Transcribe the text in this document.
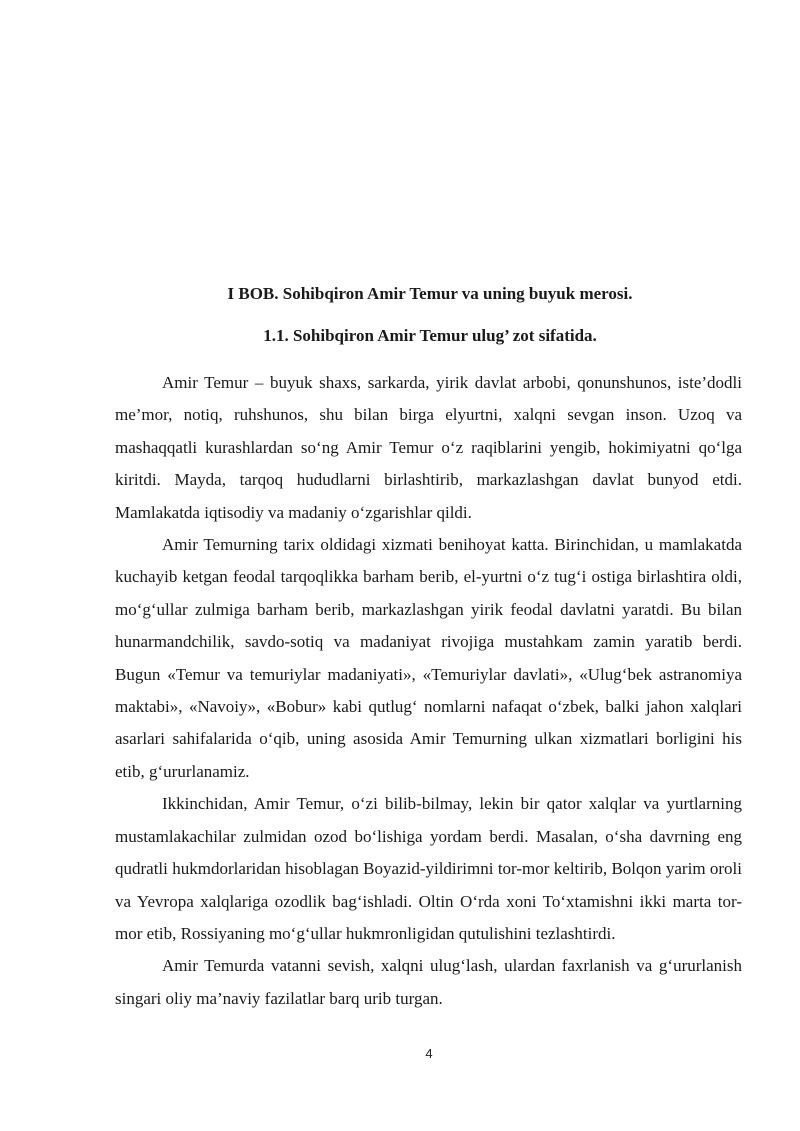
I BOB. Sohibqiron Amir Temur va uning buyuk merosi.
1.1. Sohibqiron Amir Temur ulug’ zot sifatida.

Amir Temur – buyuk shaxs, sarkarda, yirik davlat arbobi, qonunshunos, iste’dodli me’mor, notiq, ruhshunos, shu bilan birga elyurtni, xalqni sevgan inson. Uzoq va mashaqqatli kurashlardan so‘ng Amir Temur o‘z raqiblarini yengib, hokimiyatni qo‘lga kiritdi. Mayda, tarqoq hududlarni birlashtirib, markazlashgan davlat bunyod etdi. Mamlakatda iqtisodiy va madaniy o‘zgarishlar qildi.

Amir Temurning tarix oldidagi xizmati benihoyat katta. Birinchidan, u mamlakatda kuchayib ketgan feodal tarqoqlikka barham berib, el-yurtni o‘z tug‘i ostiga birlashtira oldi, mo‘g‘ullar zulmiga barham berib, markazlashgan yirik feodal davlatni yaratdi. Bu bilan hunarmandchilik, savdo-sotiq va madaniyat rivojiga mustahkam zamin yaratib berdi. Bugun «Temur va temuriylar madaniyati», «Temuriylar davlati», «Ulug‘bek astranomiya maktabi», «Navoiy», «Bobur» kabi qutlug‘ nomlarni nafaqat o‘zbek, balki jahon xalqlari asarlari sahifalarida o‘qib, uning asosida Amir Temurning ulkan xizmatlari borligini his etib, g‘ururlanamiz.

Ikkinchidan, Amir Temur, o‘zi bilib-bilmay, lekin bir qator xalqlar va yurtlarning mustamlakachilar zulmidan ozod bo‘lishiga yordam berdi. Masalan, o‘sha davrning eng qudratli hukmdorlaridan hisoblagan Boyazid-yildirimni tor-mor keltirib, Bolqon yarim oroli va Yevropa xalqlariga ozodlik bag‘ishladi. Oltin O‘rda xoni To‘xtamishni ikki marta tor-mor etib, Rossiyaning mo‘g‘ullar hukmronligidan qutulishini tezlashtirdi.

Amir Temurda vatanni sevish, xalqni ulug‘lash, ulardan faxrlanish va g‘ururlanish singari oliy ma’naviy fazilatlar barq urib turgan.

4
